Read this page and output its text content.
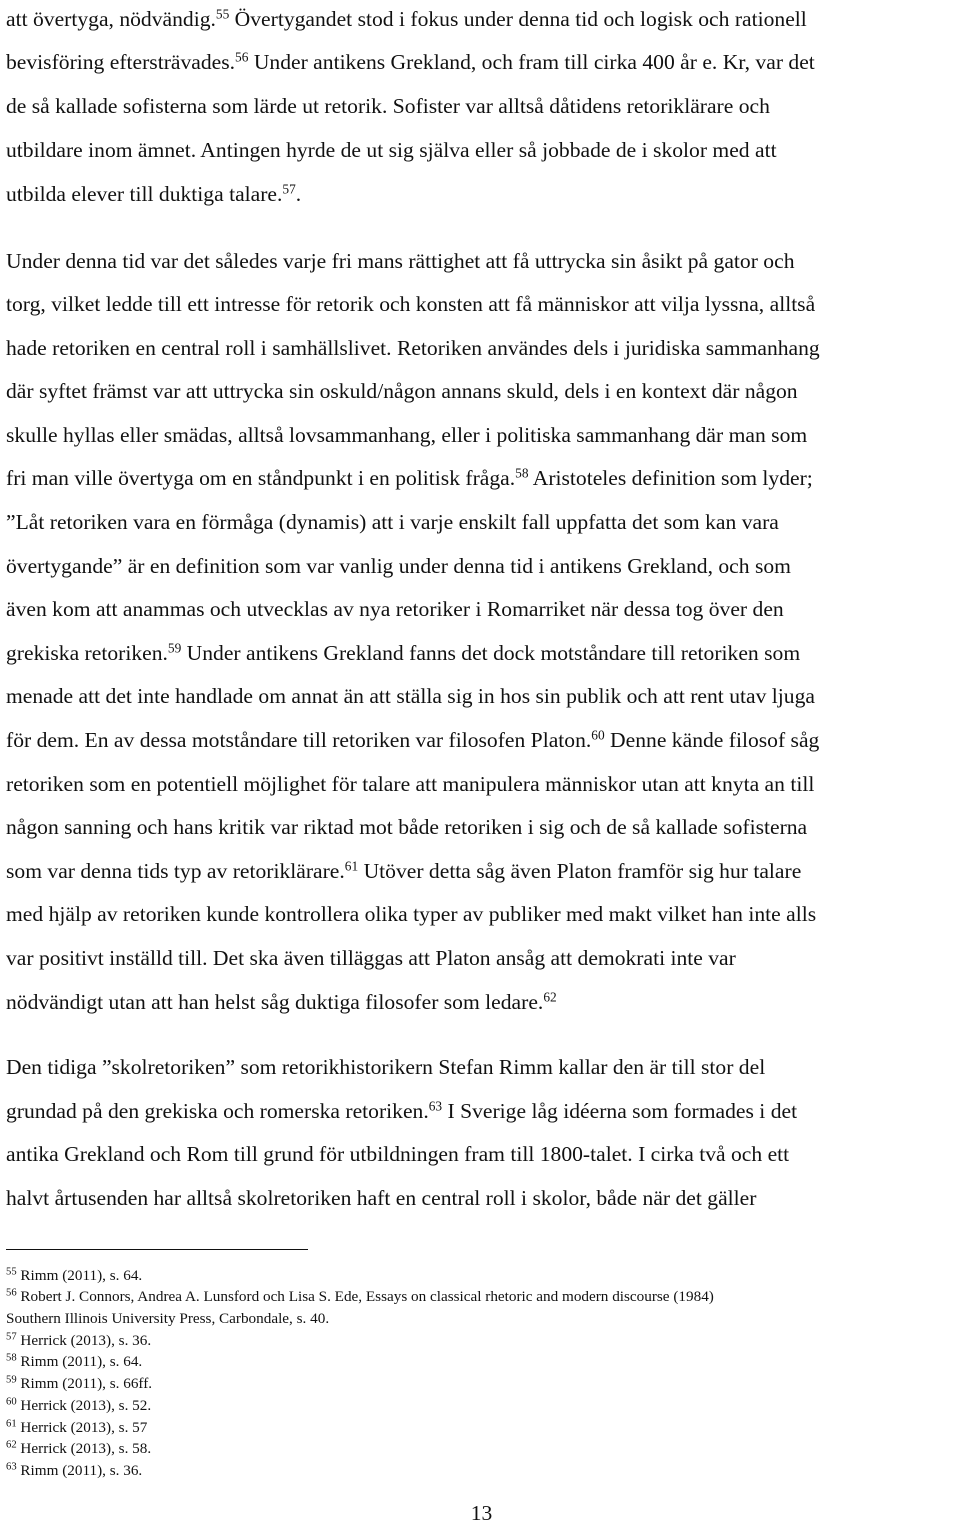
att övertyga, nödvändig.$^{55}$ Övertygandet stod i fokus under denna tid och logisk och rationell
bevisföring eftersträvades.$^{56}$ Under antikens Grekland, och fram till cirka 400 år e. Kr, var det
de så kallade sofisterna som lärde ut retorik. Sofister var alltså dåtidens retoriklärare och
utbildare inom ämnet. Antingen hyrde de ut sig själva eller så jobbade de i skolor med att
utbilda elever till duktiga talare.$^{57}$.
Under denna tid var det således varje fri mans rättighet att få uttrycka sin åsikt på gator och
torg, vilket ledde till ett intresse för retorik och konsten att få människor att vilja lyssna, alltså
hade retoriken en central roll i samhällslivet. Retoriken användes dels i juridiska sammanhang
där syftet främst var att uttrycka sin oskuld/någon annans skuld, dels i en kontext där någon
skulle hyllas eller smädas, alltså lovsammanhang, eller i politiska sammanhang där man som
fri man ville övertyga om en ståndpunkt i en politisk fråga.$^{58}$ Aristoteles definition som lyder;
”Låt retoriken vara en förmåga (dynamis) att i varje enskilt fall uppfatta det som kan vara
övertygande” är en definition som var vanlig under denna tid i antikens Grekland, och som
även kom att anammas och utvecklas av nya retoriker i Romarriket när dessa tog över den
grekiska retoriken.$^{59}$ Under antikens Grekland fanns det dock motståndare till retoriken som
menade att det inte handlade om annat än att ställa sig in hos sin publik och att rent utav ljuga
för dem. En av dessa motståndare till retoriken var filosofen Platon.$^{60}$ Denne kände filosof såg
retoriken som en potentiell möjlighet för talare att manipulera människor utan att knyta an till
någon sanning och hans kritik var riktad mot både retoriken i sig och de så kallade sofisterna
som var denna tids typ av retoriklärare.$^{61}$ Utöver detta såg även Platon framför sig hur talare
med hjälp av retoriken kunde kontrollera olika typer av publiker med makt vilket han inte alls
var positivt inställd till. Det ska även tilläggas att Platon ansåg att demokrati inte var
nödvändigt utan att han helst såg duktiga filosofer som ledare.$^{62}$
Den tidiga ”skolretoriken” som retorikhistorikern Stefan Rimm kallar den är till stor del
grundad på den grekiska och romerska retoriken.$^{63}$ I Sverige låg idéerna som formades i det
antika Grekland och Rom till grund för utbildningen fram till 1800-talet. I cirka två och ett
halvt årtusenden har alltså skolretoriken haft en central roll i skolor, både när det gäller
$^{55}$ Rimm (2011), s. 64.
$^{56}$ Robert J. Connors, Andrea A. Lunsford och Lisa S. Ede, Essays on classical rhetoric and modern discourse (1984)
Southern Illinois University Press, Carbondale, s. 40.
$^{57}$ Herrick (2013), s. 36.
$^{58}$ Rimm (2011), s. 64.
$^{59}$ Rimm (2011), s. 66ff.
$^{60}$ Herrick (2013), s. 52.
$^{61}$ Herrick (2013), s. 57
$^{62}$ Herrick (2013), s. 58.
$^{63}$ Rimm (2011), s. 36.
13
